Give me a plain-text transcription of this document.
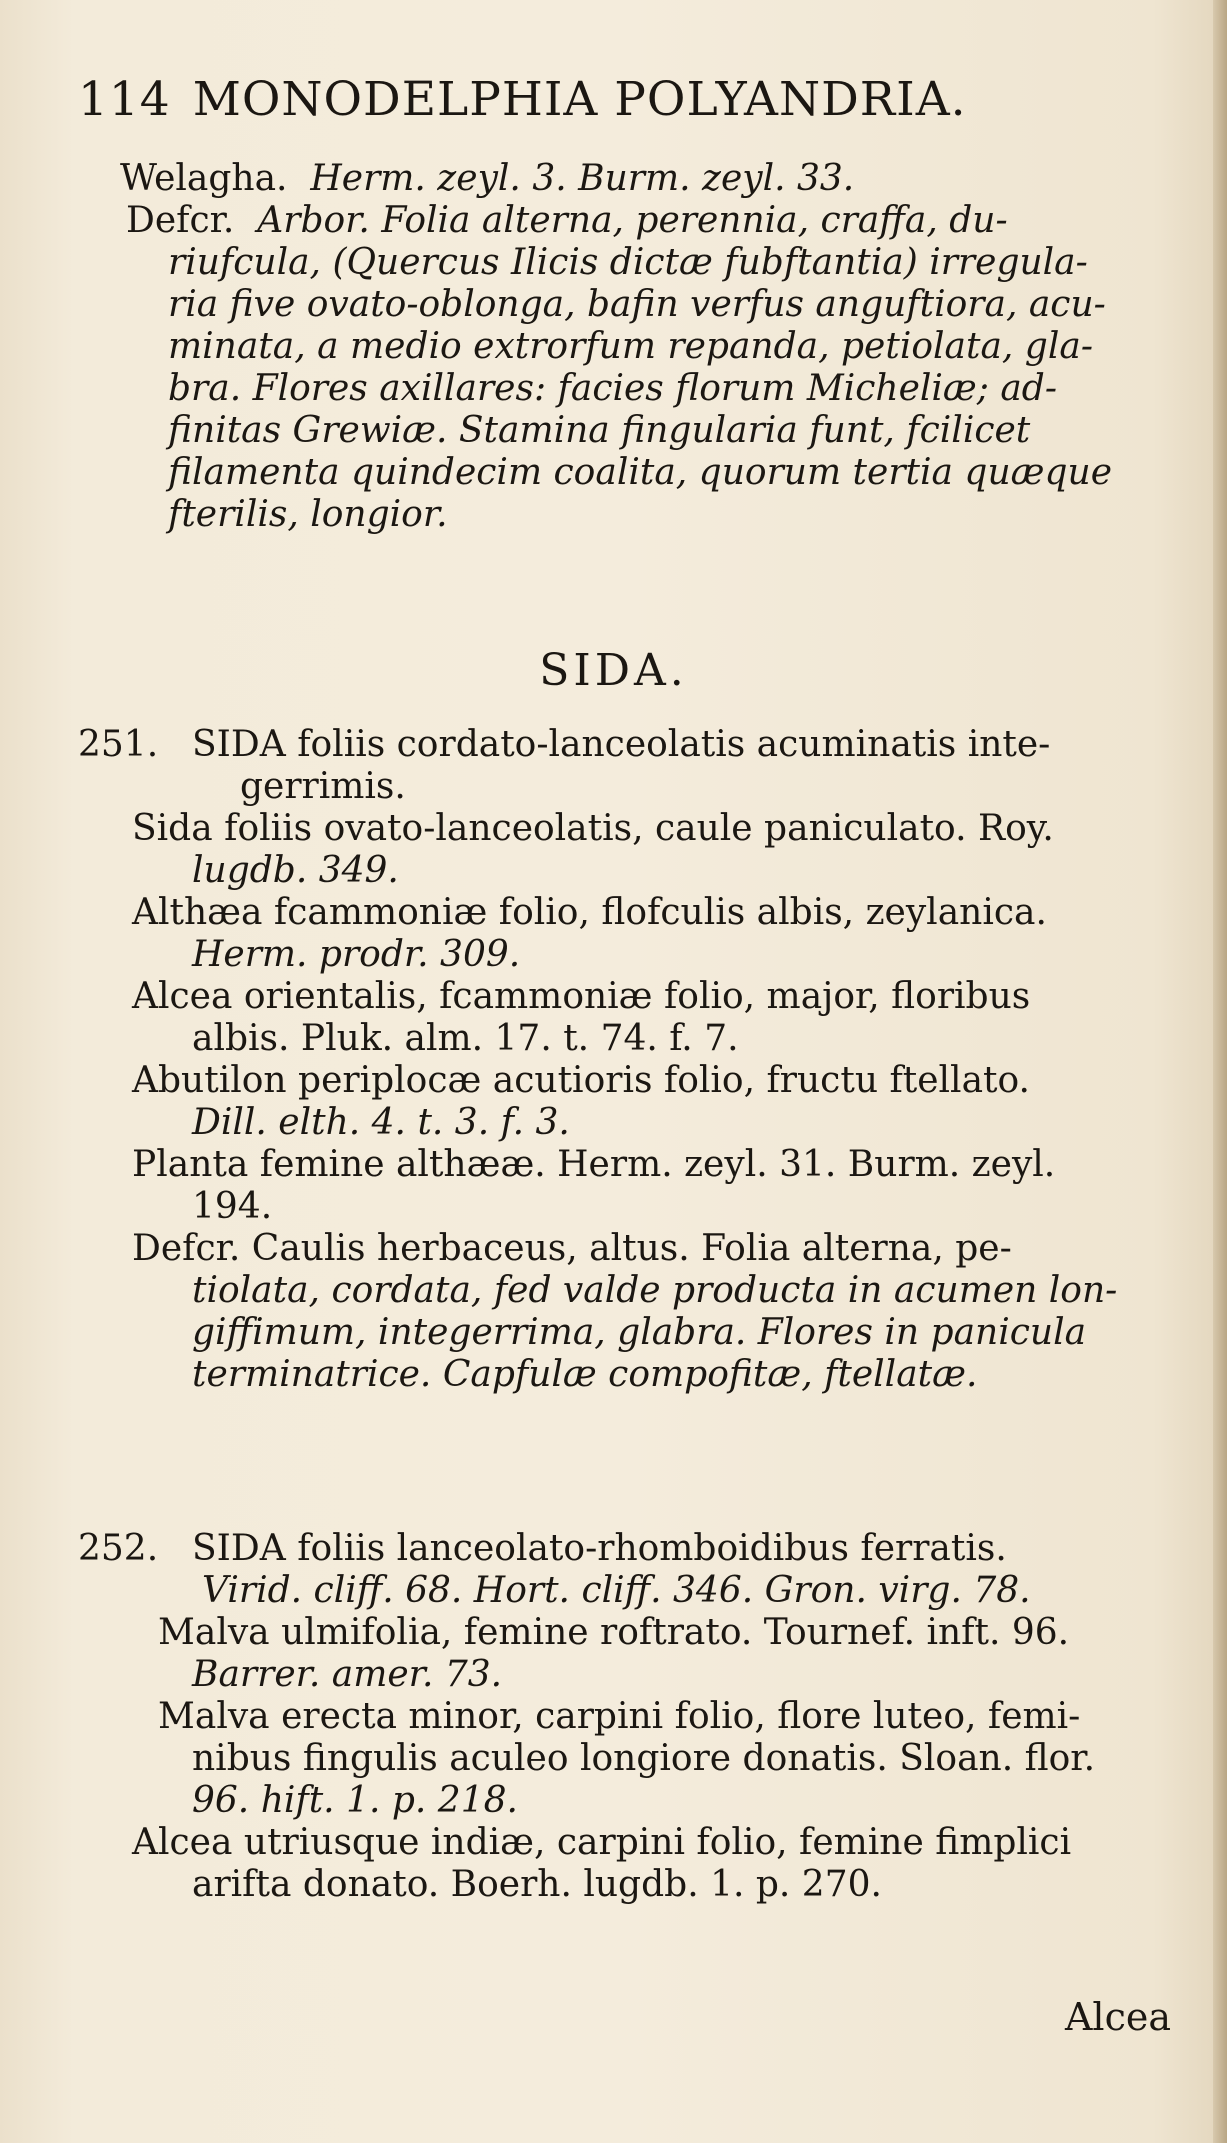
114 MONODELPHIA POLYANDRIA.
Welagha. Herm. zeyl. 3. Burm. zeyl. 33.
Defcr. Arbor. Folia alterna, perennia, craffa, du-
riufcula, (Quercus Ilicis dictæ fubftantia) irregula-
ria five ovato-oblonga, bafin verfus anguftiora, acu-
minata, a medio extrorfum repanda, petiolata, gla-
bra. Flores axillares: facies florum Micheliæ; ad-
finitas Grewiæ. Stamina fingularia funt, fcilicet
filamenta quindecim coalita, quorum tertia quæque
fterilis, longior.
SIDA.
251. SIDA foliis cordato-lanceolatis acuminatis inte-
gerrimis.
Sida foliis ovato-lanceolatis, caule paniculato. Roy.
lugdb. 349.
Althæa fcammoniæ folio, flofculis albis, zeylanica.
Herm. prodr. 309.
Alcea orientalis, fcammoniæ folio, major, floribus
albis. Pluk. alm. 17. t. 74. f. 7.
Abutilon periplocæ acutioris folio, fructu ftellato.
Dill. elth. 4. t. 3. f. 3.
Planta femine althææ. Herm. zeyl. 31. Burm. zeyl.
194.
Defcr. Caulis herbaceus, altus. Folia alterna, pe-
tiolata, cordata, fed valde producta in acumen lon-
giffimum, integerrima, glabra. Flores in panicula
terminatrice. Capfulæ compofitæ, ftellatæ.
252. SIDA foliis lanceolato-rhomboidibus ferratis.
Virid. cliff. 68. Hort. cliff. 346. Gron. virg. 78.
Malva ulmifolia, femine roftrato. Tournef. inft. 96.
Barrer. amer. 73.
Malva erecta minor, carpini folio, flore luteo, femi-
nibus fingulis aculeo longiore donatis. Sloan. flor.
96. hift. 1. p. 218.
Alcea utriusque indiæ, carpini folio, femine fimplici
arifta donato. Boerh. lugdb. 1. p. 270.
Alcea
